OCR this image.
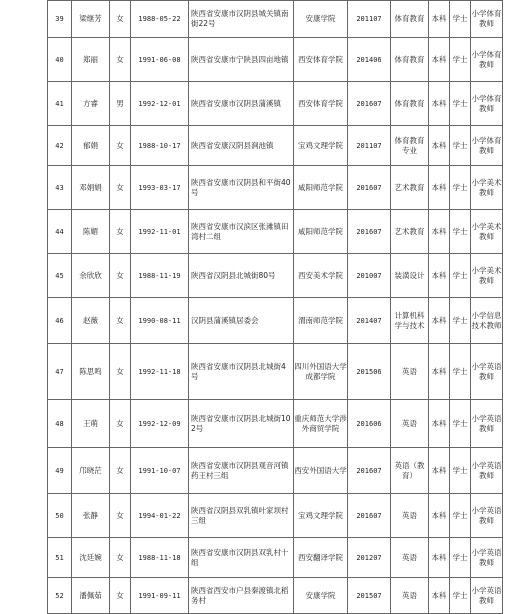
39	梁继芳	女	1988-05-22	陕西省安康市汉阴县城关镇南街22号	安康学院	201107	体育教育	本科	学士	小学体育教师
40	郑丽	女	1991-06-08	陕西省安康市宁陕县四亩地镇	西安体育学院	201406	体育教育	本科	学士	小学体育教师
41	方睿	男	1992-12-01	陕西省安康市汉阴县蒲溪镇	西安体育学院	201607	体育教育	本科	学士	小学体育教师
42	郁娟	女	1988-10-17	陕西省安康汉阴县涧池镇	宝鸡文理学院	201107	体育教育专业	本科	学士	小学体育教师
43	邓娟娟	女	1993-03-17	陕西省安康市汉阴县和平街40号	咸阳师范学院	201607	艺术教育	本科	学士	小学美术教师
44	陈媚	女	1992-11-01	陕西省安康市汉滨区张滩镇田湾村二组	咸阳师范学院	201607	艺术教育	本科	学士	小学美术教师
45	余欣欣	女	1988-11-19	陕西省汉阴县北城街80号	西安美术学院	201007	装潢设计	本科	学士	小学美术教师
46	赵薇	女	1990-08-11	汉阴县蒲溪镇居委会	渭南师范学院	201407	计算机科学与技术	本科	学士	小学信息技术教师
47	陈思鸣	女	1992-11-18	陕西省安康市汉阴县北城街4号	四川外国语大学成都学院	201506	英语	本科	学士	小学英语教师
48	王萌	女	1992-12-09	陕西省安康市汉阴县北城街102号	重庆师范大学涉外商贸学院	201606	英语	本科	学士	小学英语教师
49	邝晓茫	女	1991-10-07	陕西省安康市汉阴县观音河镇药王村三组	西安外国语大学	201607	英语（教育）	本科	学士	小学英语教师
50	张静	女	1994-01-22	陕西省汉阴县双乳镇叶家坝村三组	宝鸡文理学院	201607	英语	本科	学士	小学英语教师
51	沈廷婉	女	1988-11-18	陕西省安康市汉阴县双乳村十组	西安翻译学院	201207	英语	本科	学士	小学英语教师
52	潘佩茹	女	1991-09-11	陕西省西安市户县秦渡镇北稻务村	安康学院	201507	英语	本科	学士	小学英语教师
